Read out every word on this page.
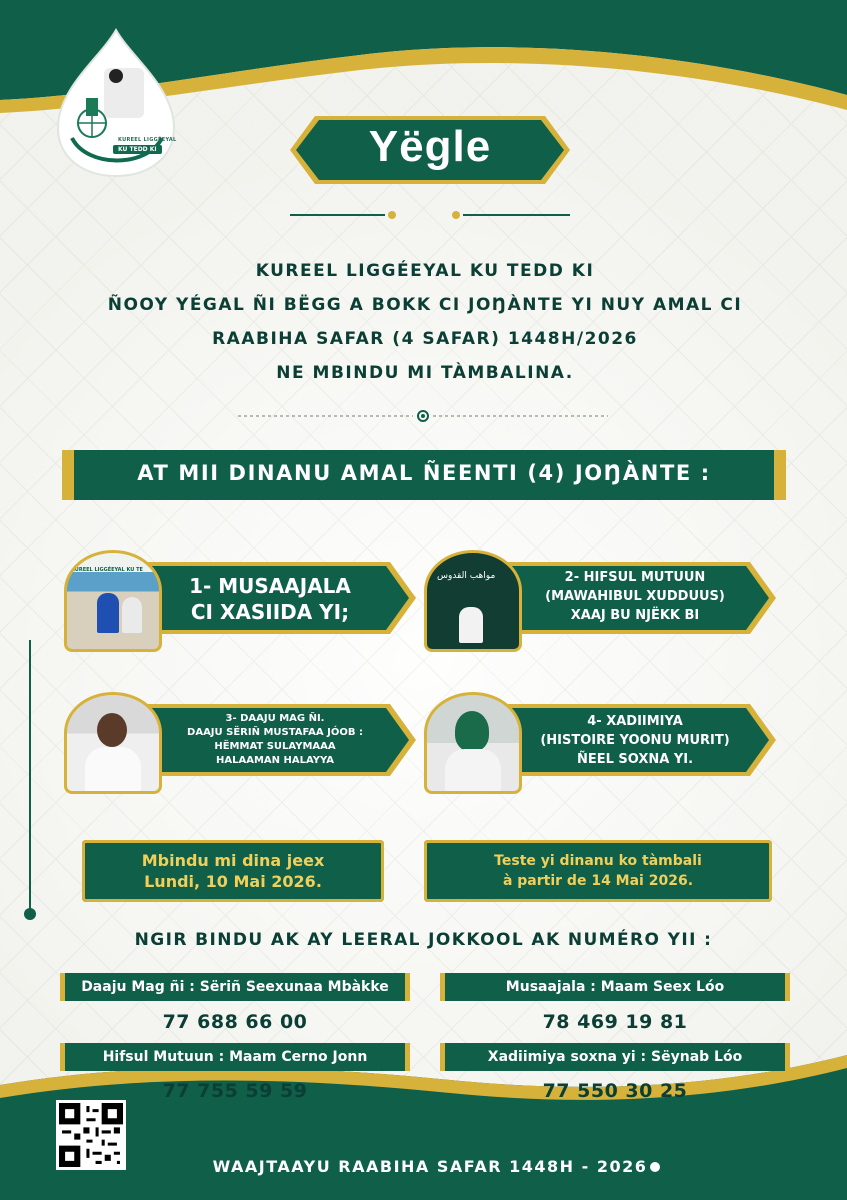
KUREEL LIGGÉEYAL
KU TEDD KI	Yëgle
KUREEL LIGGÉEYAL KU TEDD KI
ÑOOY YÉGAL ÑI BËGG A BOKK CI JOŊÀNTE YI NUY AMAL CI
RAABIHA SAFAR (4 SAFAR) 1448H/2026
NE MBINDU MI TÀMBALINA.
AT MII DINANU AMAL ÑEENTI (4) JOŊÀNTE :
KUREEL LIGGÉEYAL KU TE
1- MUSAAJALA
CI XASIIDA YI;
مواهب القدوس	2- HIFSUL MUTUUN
(MAWAHIBUL XUDDUUS)
XAAJ BU NJËKK BI
3- DAAJU MAG ÑI.
DAAJU SËRIÑ MUSTAFAA JÓOB :
HËMMAT SULAYMAAA
HALAAMAN HALAYYA
4- XADIIMIYA
(HISTOIRE YOONU MURIT)
ÑEEL SOXNA YI.
Mbindu mi dina jeex
Lundi, 10 Mai 2026.
Teste yi dinanu ko tàmbali
à partir de 14 Mai 2026.
NGIR BINDU AK AY LEERAL JOKKOOL AK NUMÉRO YII :
Daaju Mag ñi : Sëriñ Seexunaa Mbàkke
77 688 66 00
Musaajala : Maam Seex Lóo
78 469 19 81
Hifsul Mutuun : Maam Cerno Jonn
77 755 59 59
Xadiimiya soxna yi : Sëynab Lóo
77 550 30 25
WAAJTAAYU RAABIHA SAFAR 1448H - 2026
